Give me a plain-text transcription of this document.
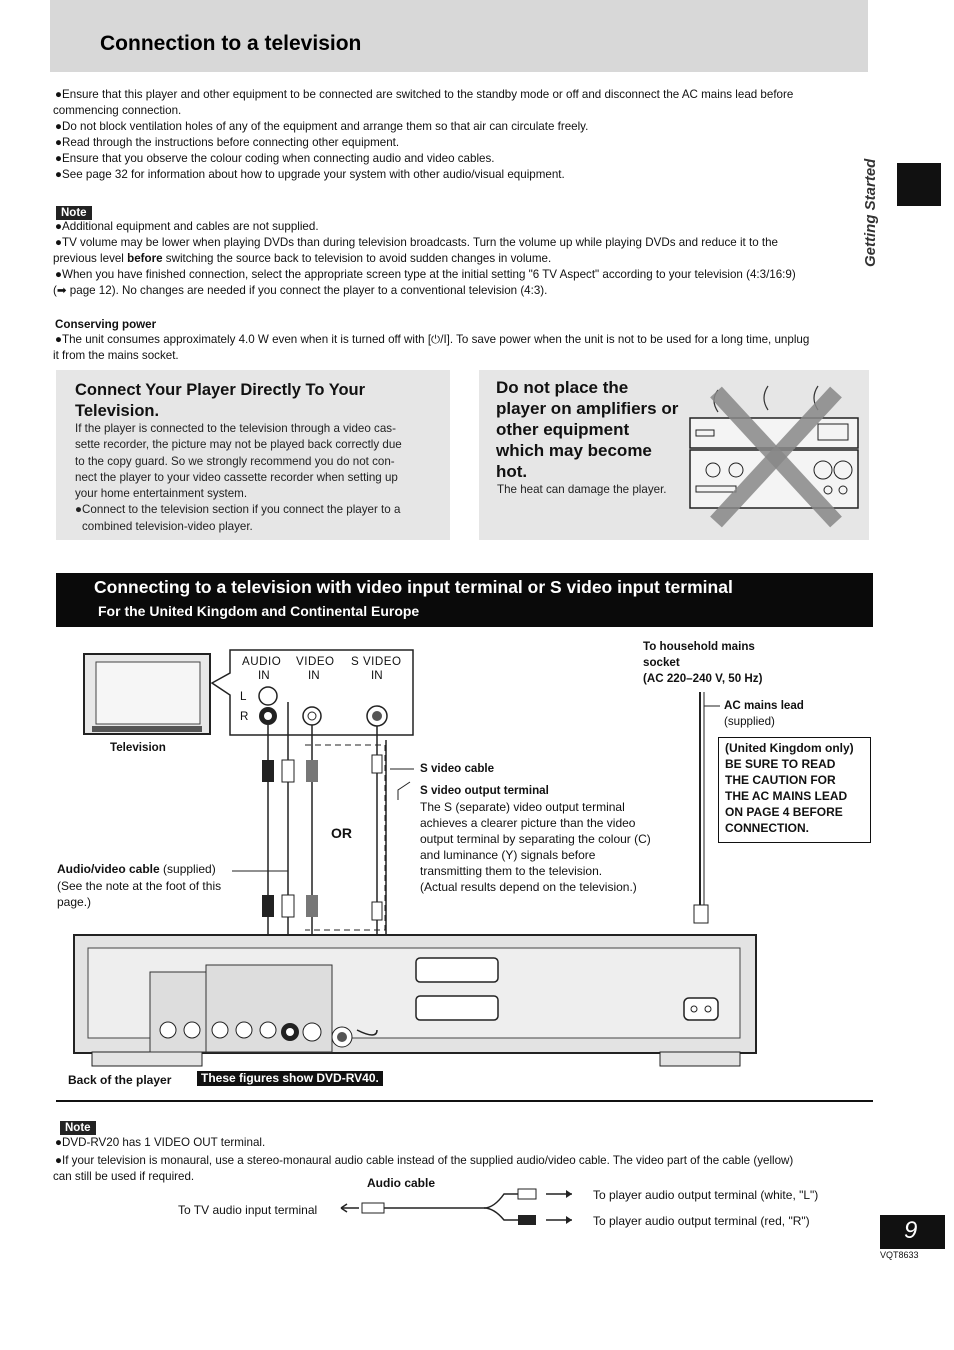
Connection to a television
Getting Started

●Ensure that this player and other equipment to be connected are switched to the standby mode or off and disconnect the AC mains lead before

commencing connection.

●Do not block ventilation holes of any of the equipment and arrange them so that air can circulate freely.

●Read through the instructions before connecting other equipment.

●Ensure that you observe the colour coding when connecting audio and video cables.

●See page 32 for information about how to upgrade your system with other audio/visual equipment.

Note

●Additional equipment and cables are not supplied.

●TV volume may be lower when playing DVDs than during television broadcasts. Turn the volume up while playing DVDs and reduce it to the

previous level before switching the source back to television to avoid sudden changes in volume.

●When you have finished connection, select the appropriate screen type at the initial setting "6 TV Aspect" according to your television (4:3/16:9)

(➡ page 12). No changes are needed if you connect the player to a conventional television (4:3).

Conserving power

●The unit consumes approximately 4.0 W even when it is turned off with [⏻/I]. To save power when the unit is not to be used for a long time, unplug

it from the mains socket.

Connect Your Player Directly To Your
Television.
If the player is connected to the television through a video cas-
sette recorder, the picture may not be played back correctly due
to the copy guard. So we strongly recommend you do not con-
nect the player to your video cassette recorder when setting up
your home entertainment system.
●Connect to the television section if you connect the player to a
combined television-video player.
Do not place the
player on amplifiers or
other equipment
which may become
hot.
The heat can damage the player.
Connecting to a television with video input terminal or S video input terminal
For the United Kingdom and Continental Europe
AUDIO VIDEO S VIDEO
IN	IN	IN
L
R
Television
S video cable
S video output terminal
The S (separate) video output terminal
achieves a clearer picture than the video
output terminal by separating the colour (C)
and luminance (Y) signals before
transmitting them to the television.
(Actual results depend on the television.)
OR
Audio/video cable (supplied)
(See the note at the foot of this
page.)
To household mains
socket
(AC 220–240 V, 50 Hz)
AC mains lead
(supplied)
(United Kingdom only)
BE SURE TO READ
THE CAUTION FOR
THE AC MAINS LEAD
ON PAGE 4 BEFORE
CONNECTION.
Back of the player	These figures show DVD-RV40.
Note

●DVD-RV20 has 1 VIDEO OUT terminal.

●If your television is monaural, use a stereo-monaural audio cable instead of the supplied audio/video cable. The video part of the cable (yellow)

can still be used if required.	Audio cable
To TV audio input terminal
To player audio output terminal (white, "L")
To player audio output terminal (red, "R")	9
VQT8633
